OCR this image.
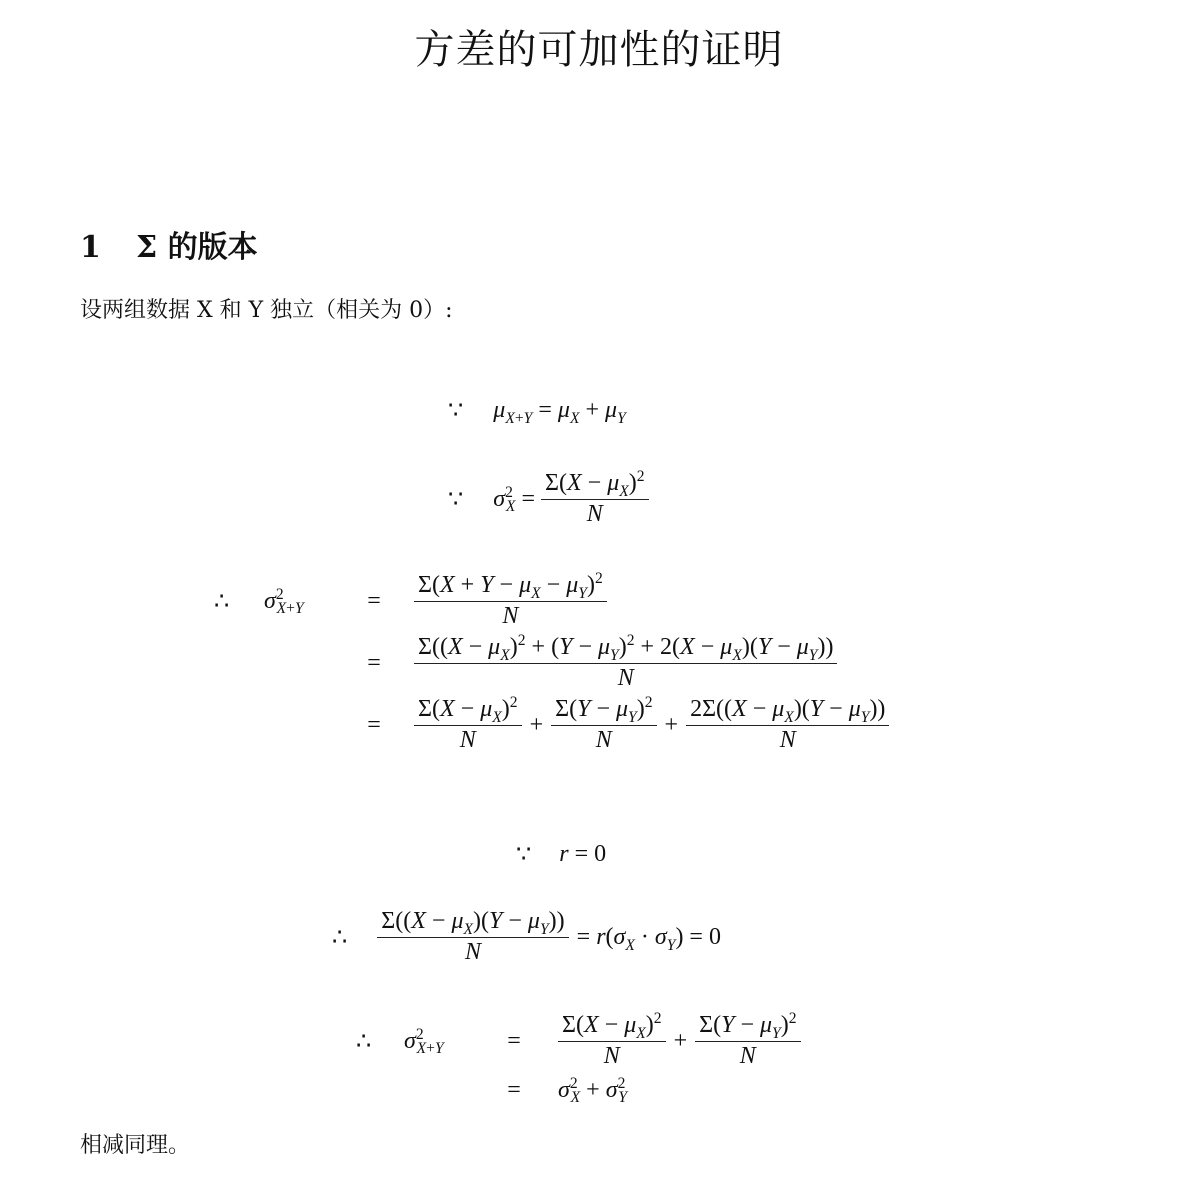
方差的可加性的证明
1 Σ 的版本
设两组数据 X 和 Y 独立（相关为 0）:
∵ $\mu_{X+Y} = \mu_X + \mu_Y$
∵ $\sigma^2_X = \frac{\Sigma(X - \mu_X)^2}{N}$
∴	$\sigma^2_{X+Y}$	=	$\frac{\Sigma(X + Y - \mu_X - \mu_Y)^2}{N}$
=	$\frac{\Sigma((X - \mu_X)^2 + (Y - \mu_Y)^2 + 2(X - \mu_X)(Y - \mu_Y))}{N}$
=	$\frac{\Sigma(X - \mu_X)^2}{N} + \frac{\Sigma(Y - \mu_Y)^2}{N} + \frac{2\Sigma((X - \mu_X)(Y - \mu_Y))}{N}$
∵ r = 0
∴ $\frac{\Sigma((X - \mu_X)(Y - \mu_Y))}{N} = r(\sigma_X \cdot \sigma_Y) = 0$
∴	$\sigma^2_{X+Y}$	=	$\frac{\Sigma(X - \mu_X)^2}{N} + \frac{\Sigma(Y - \mu_Y)^2}{N}$
=	$\sigma^2_X + \sigma^2_Y$
相减同理。
